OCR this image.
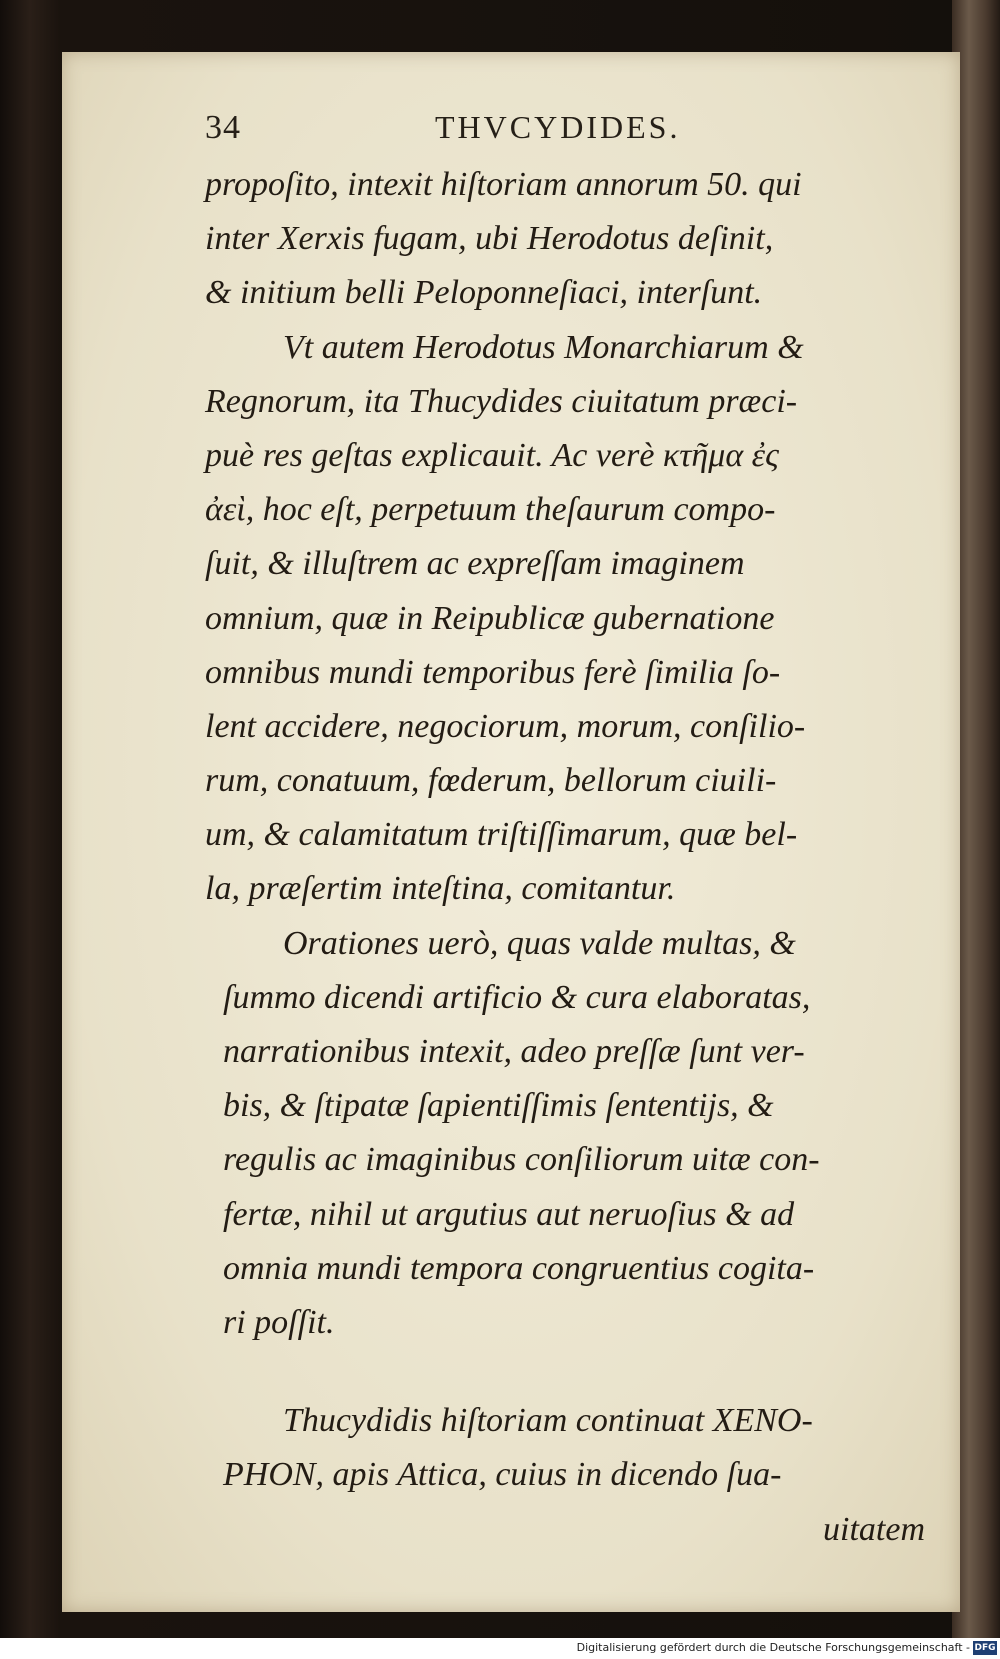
34	THVCYDIDES.
propoſito, intexit hiſtoriam annorum 50. qui
inter Xerxis fugam, ubi Herodotus deſinit,
& initium belli Peloponneſiaci, interſunt.
Vt autem Herodotus Monarchiarum &
Regnorum, ita Thucydides ciuitatum præci-
puè res geſtas explicauit. Ac verè κτῆμα ἐς
ἀεὶ, hoc eſt, perpetuum theſaurum compo-
ſuit, & illuſtrem ac expreſſam imaginem
omnium, quæ in Reipublicæ gubernatione
omnibus mundi temporibus ferè ſimilia ſo-
lent accidere, negociorum, morum, conſilio-
rum, conatuum, fœderum, bellorum ciuili-
um, & calamitatum triſtiſſimarum, quæ bel-
la, præſertim inteſtina, comitantur.
Orationes uerò, quas valde multas, &
ſummo dicendi artificio & cura elaboratas,
narrationibus intexit, adeo preſſæ ſunt ver-
bis, & ſtipatæ ſapientiſſimis ſententijs, &
regulis ac imaginibus conſiliorum uitæ con-
fertæ, nihil ut argutius aut neruoſius & ad
omnia mundi tempora congruentius cogita-
ri poſſit.
Thucydidis hiſtoriam continuat XENO-
PHON, apis Attica, cuius in dicendo ſua-
uitatem
Digitalisierung gefördert durch die Deutsche Forschungsgemeinschaft - DFG
